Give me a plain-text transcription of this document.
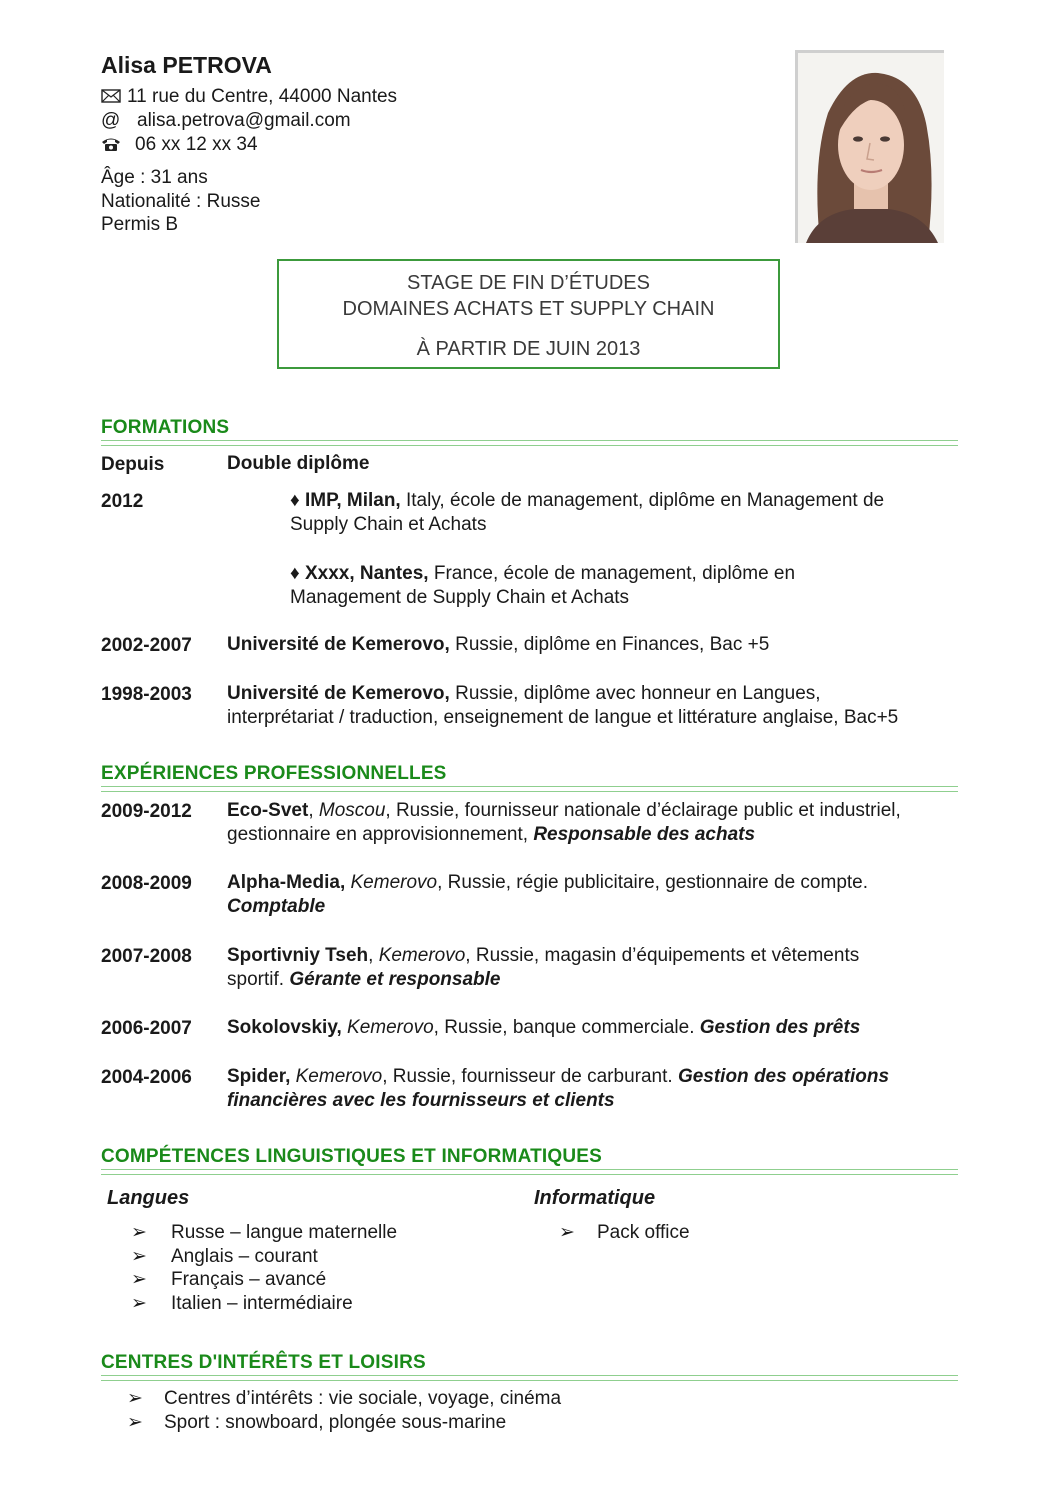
Alisa PETROVA
11 rue du Centre, 44000 Nantes
@ alisa.petrova@gmail.com
06 xx 12 xx 34
Âge : 31 ans
Nationalité : Russe
Permis B
STAGE DE FIN D’ÉTUDES
DOMAINES ACHATS ET SUPPLY CHAIN
À PARTIR DE JUIN 2013
FORMATIONS
Depuis	Double diplôme
2012	♦ IMP, Milan, Italy, école de management, diplôme en Management de
Supply Chain et Achats
♦ Xxxx, Nantes, France, école de management, diplôme en
Management de Supply Chain et Achats
2002-2007 Université de Kemerovo, Russie, diplôme en Finances, Bac +5
1998-2003 Université de Kemerovo, Russie, diplôme avec honneur en Langues,
interprétariat / traduction, enseignement de langue et littérature anglaise, Bac+5
EXPÉRIENCES PROFESSIONNELLES
2009-2012 Eco-Svet, Moscou, Russie, fournisseur nationale d’éclairage public et industriel,
gestionnaire en approvisionnement, Responsable des achats
2008-2009 Alpha-Media, Kemerovo, Russie, régie publicitaire, gestionnaire de compte.
Comptable
2007-2008 Sportivniy Tseh, Kemerovo, Russie, magasin d’équipements et vêtements
sportif. Gérante et responsable
2006-2007 Sokolovskiy, Kemerovo, Russie, banque commerciale. Gestion des prêts
2004-2006 Spider, Kemerovo, Russie, fournisseur de carburant. Gestion des opérations
financières avec les fournisseurs et clients
COMPÉTENCES LINGUISTIQUES ET INFORMATIQUES
Langues	Informatique
➢ Russe – langue maternelle
➢ Anglais – courant
➢ Français – avancé
➢ Italien – intermédiaire
➢ Pack office
CENTRES D'INTÉRÊTS ET LOISIRS
➢ Centres d’intérêts : vie sociale, voyage, cinéma
➢ Sport : snowboard, plongée sous-marine
